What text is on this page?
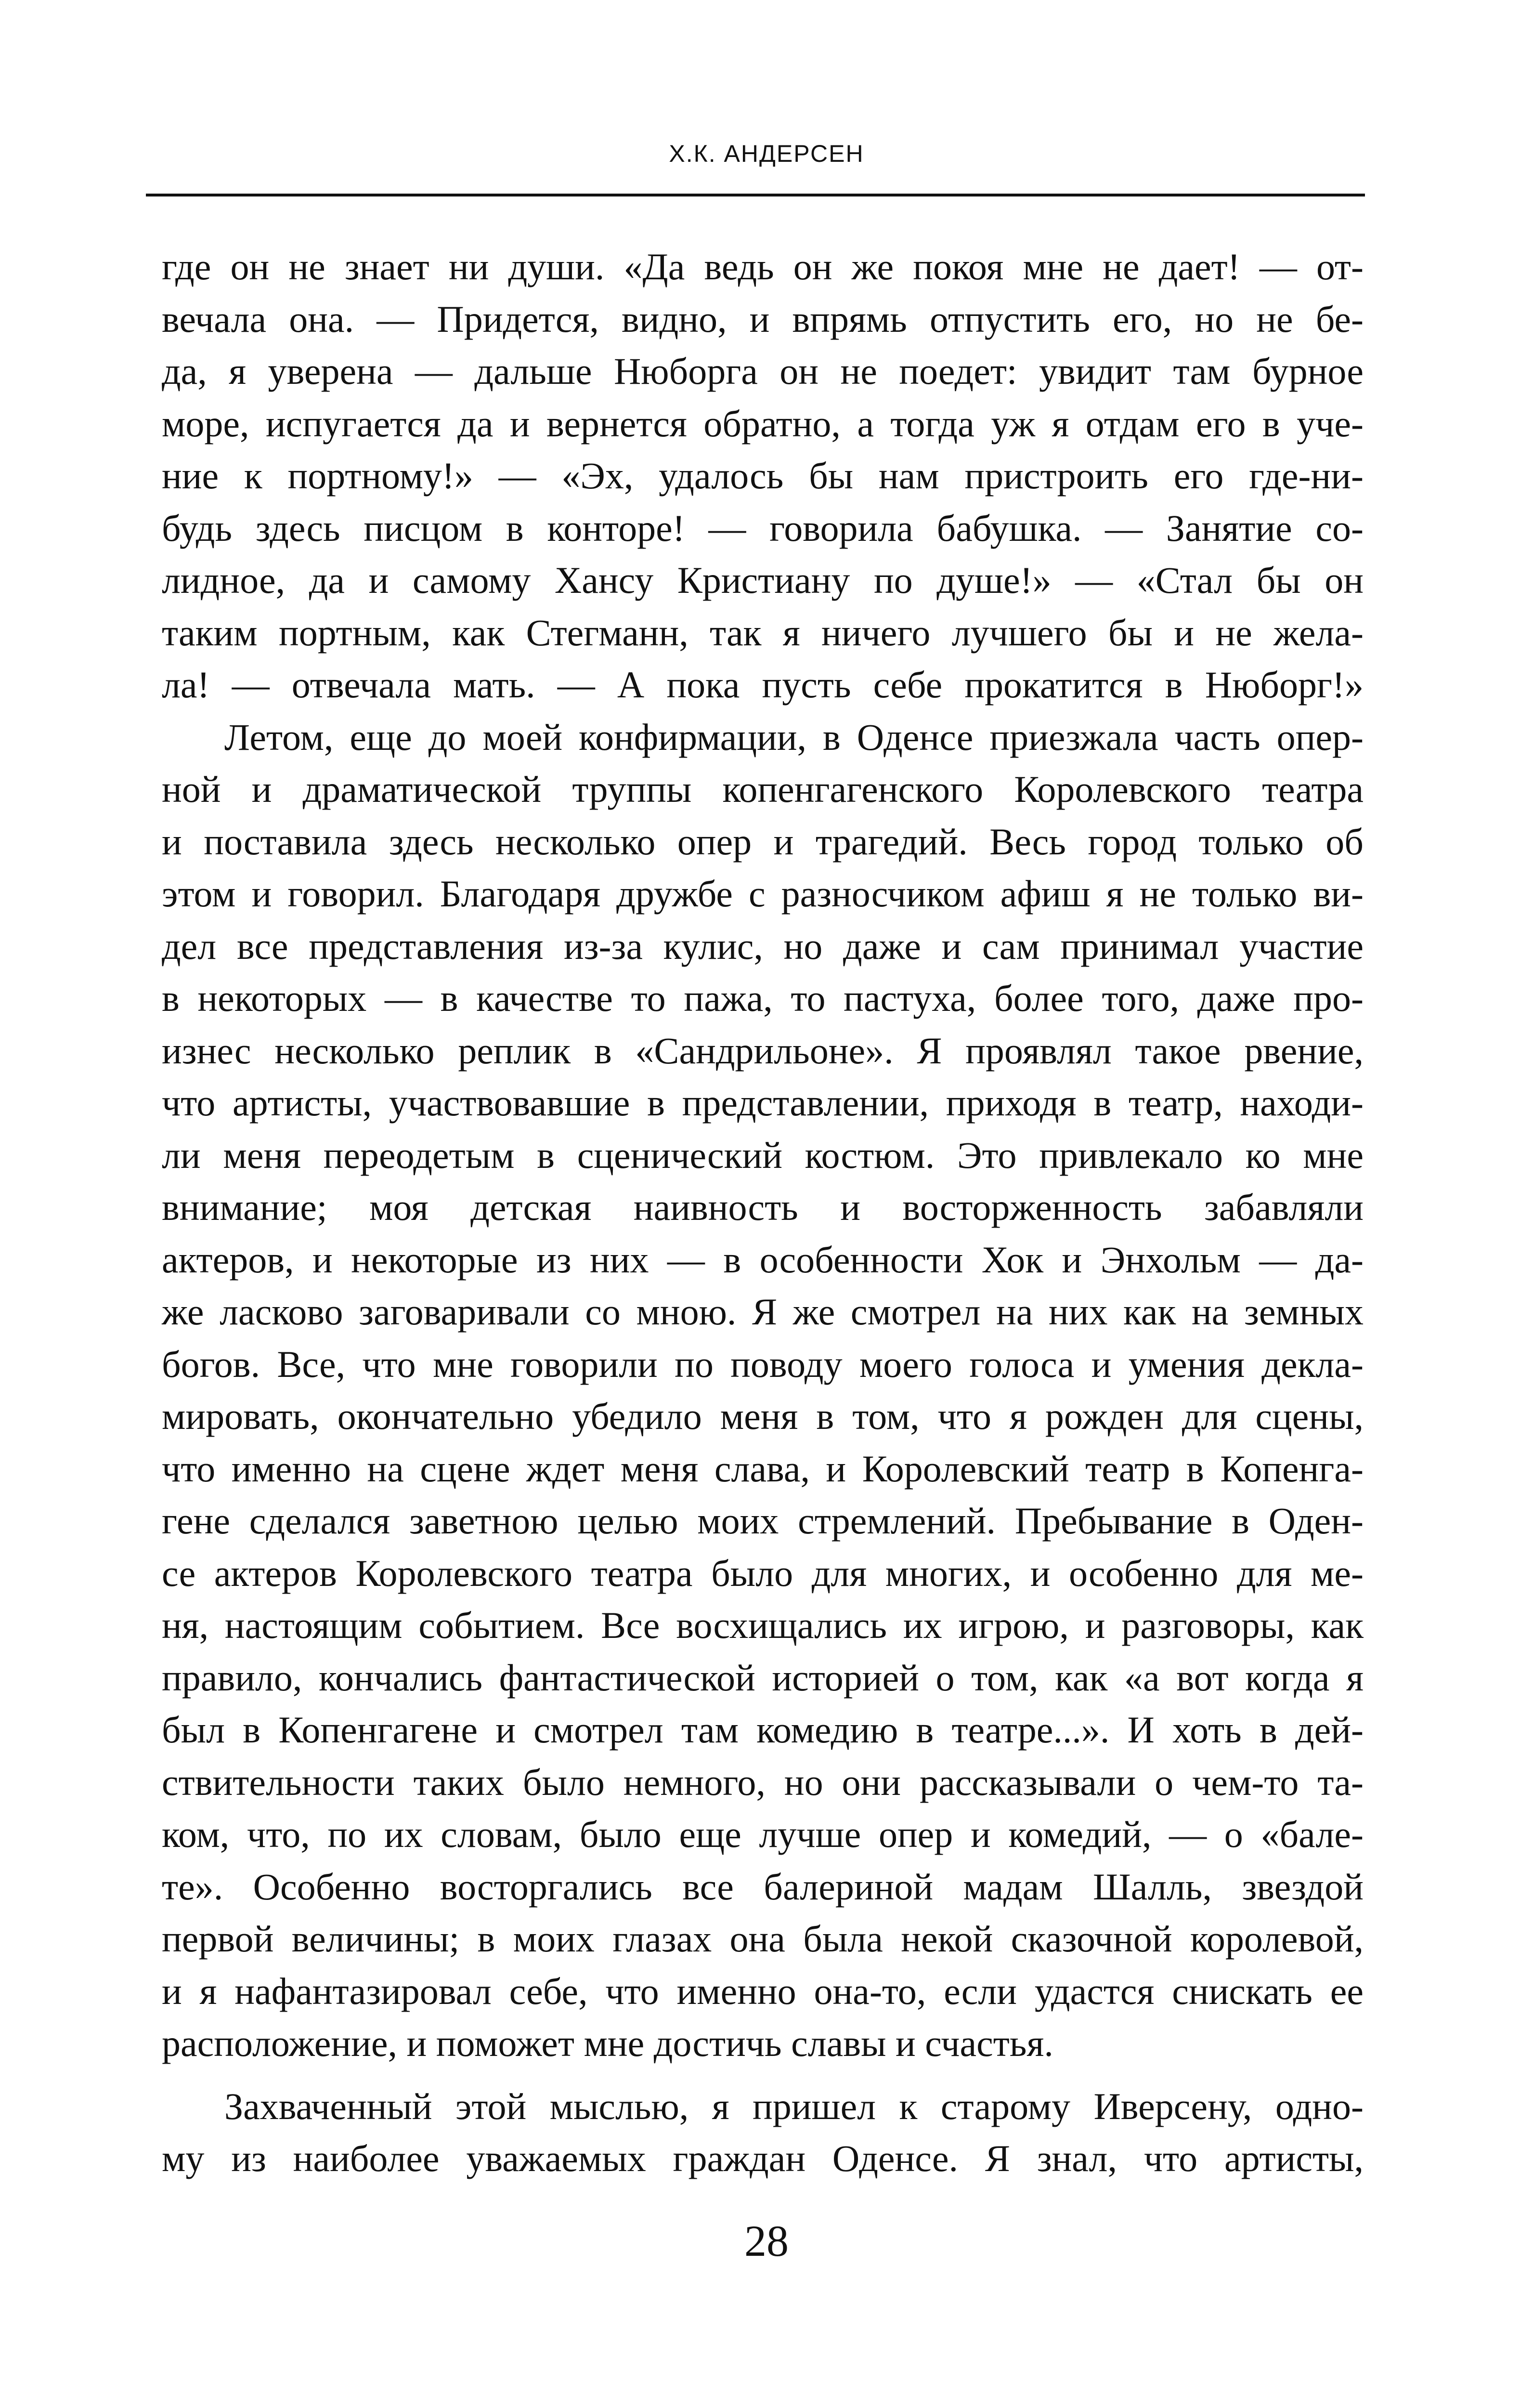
Х.К. АНДЕРСЕН

где он не знает ни души. «Да ведь он же покоя мне не дает! — от-

вечала она. — Придется, видно, и впрямь отпустить его, но не бе-

да, я уверена — дальше Нюборга он не поедет: увидит там бурное

море, испугается да и вернется обратно, а тогда уж я отдам его в уче-

ние к портному!» — «Эх, удалось бы нам пристроить его где-ни-

будь здесь писцом в конторе! — говорила бабушка. — Занятие со-

лидное, да и самому Хансу Кристиану по душе!» — «Стал бы он

таким портным, как Стегманн, так я ничего лучшего бы и не жела-

ла! — отвечала мать. — А пока пусть себе прокатится в Нюборг!»

Летом, еще до моей конфирмации, в Оденсе приезжала часть опер-

ной и драматической труппы копенгагенского Королевского театра

и поставила здесь несколько опер и трагедий. Весь город только об

этом и говорил. Благодаря дружбе с разносчиком афиш я не только ви-

дел все представления из-за кулис, но даже и сам принимал участие

в некоторых — в качестве то пажа, то пастуха, более того, даже про-

изнес несколько реплик в «Сандрильоне». Я проявлял такое рвение,

что артисты, участвовавшие в представлении, приходя в театр, находи-

ли меня переодетым в сценический костюм. Это привлекало ко мне

внимание; моя детская наивность и восторженность забавляли

актеров, и некоторые из них — в особенности Хок и Энхольм — да-

же ласково заговаривали со мною. Я же смотрел на них как на земных

богов. Все, что мне говорили по поводу моего голоса и умения декла-

мировать, окончательно убедило меня в том, что я рожден для сцены,

что именно на сцене ждет меня слава, и Королевский театр в Копенга-

гене сделался заветною целью моих стремлений. Пребывание в Оден-

се актеров Королевского театра было для многих, и особенно для ме-

ня, настоящим событием. Все восхищались их игрою, и разговоры, как

правило, кончались фантастической историей о том, как «а вот когда я

был в Копенгагене и смотрел там комедию в театре...». И хоть в дей-

ствительности таких было немного, но они рассказывали о чем-то та-

ком, что, по их словам, было еще лучше опер и комедий, — о «бале-

те». Особенно восторгались все балериной мадам Шалль, звездой

первой величины; в моих глазах она была некой сказочной королевой,

и я нафантазировал себе, что именно она-то, если удастся снискать ее

расположение, и поможет мне достичь славы и счастья.

Захваченный этой мыслью, я пришел к старому Иверсену, одно-

му из наиболее уважаемых граждан Оденсе. Я знал, что артисты,

28
